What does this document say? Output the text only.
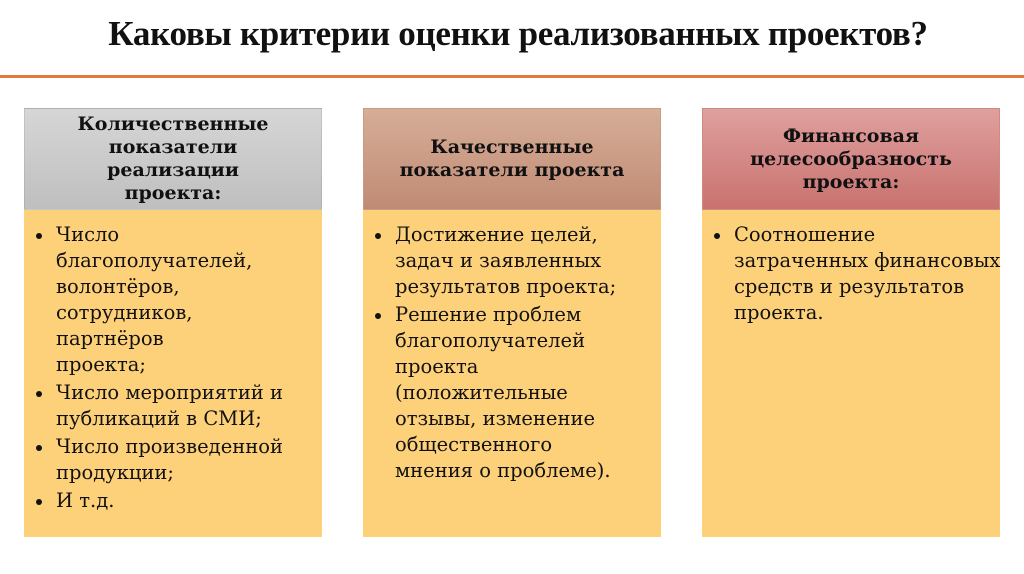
Каковы критерии оценки реализованных проектов?
Количественные показатели реализации проекта:
Число благополучателей, волонтёров, сотрудников, партнёров проекта;
Число мероприятий и публикаций в СМИ;
Число произведенной продукции;
И т.д.
Качественные показатели проекта
Достижение целей, задач и заявленных результатов проекта;
Решение проблем благополучателей проекта (положительные отзывы, изменение общественного мнения о проблеме).
Финансовая целесообразность проекта:
Соотношение затраченных финансовых средств и результатов проекта.
